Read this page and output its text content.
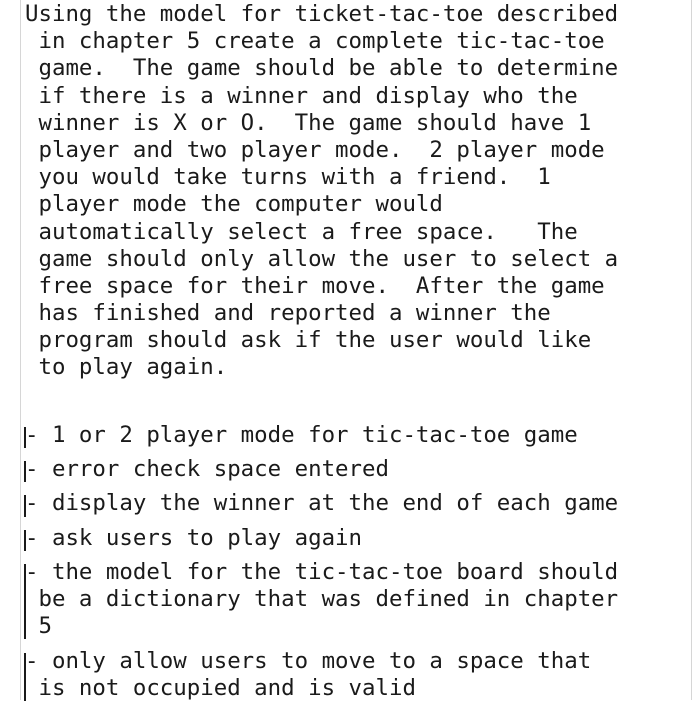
Using the model for ticket-tac-toe described
in chapter 5 create a complete tic-tac-toe
game.  The game should be able to determine
if there is a winner and display who the
winner is X or O.  The game should have 1
player and two player mode.  2 player mode
you would take turns with a friend.  1
player mode the computer would
automatically select a free space.   The
game should only allow the user to select a
free space for their move.  After the game
has finished and reported a winner the
program should ask if the user would like
to play again.
- 1 or 2 player mode for tic-tac-toe game
- error check space entered
- display the winner at the end of each game
- ask users to play again
- the model for the tic-tac-toe board should
be a dictionary that was defined in chapter
5
- only allow users to move to a space that
is not occupied and is valid
